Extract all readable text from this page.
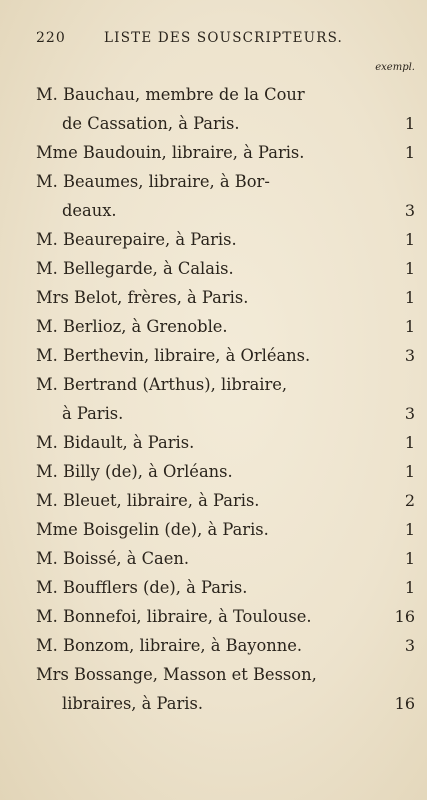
220	LISTE DES SOUSCRIPTEURS.
exempl.
M. Bauchau, membre de la Cour
de Cassation, à Paris.	1
Mme Baudouin, libraire, à Paris.	1
M. Beaumes, libraire, à Bor-
deaux.	3
M. Beaurepaire, à Paris.	1
M. Bellegarde, à Calais.	1
Mrs Belot, frères, à Paris.	1
M. Berlioz, à Grenoble.	1
M. Berthevin, libraire, à Orléans.	3
M. Bertrand (Arthus), libraire,
à Paris.	3
M. Bidault, à Paris.	1
M. Billy (de), à Orléans.	1
M. Bleuet, libraire, à Paris.	2
Mme Boisgelin (de), à Paris.	1
M. Boissé, à Caen.	1
M. Boufflers (de), à Paris.	1
M. Bonnefoi, libraire, à Toulouse.	16
M. Bonzom, libraire, à Bayonne.	3
Mrs Bossange, Masson et Besson,
libraires, à Paris.	16
